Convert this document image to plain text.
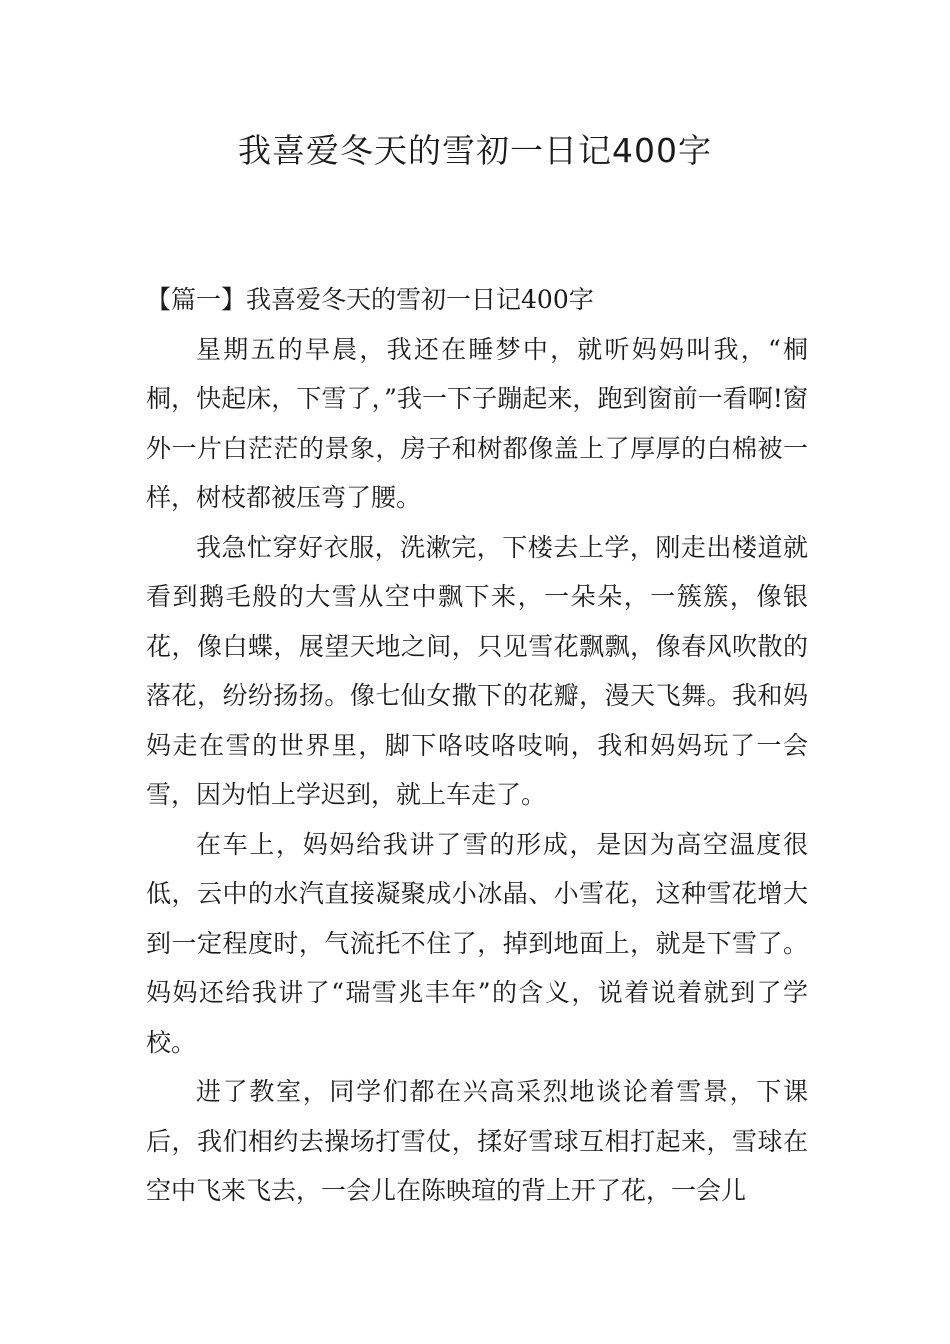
我喜爱冬天的雪初一日记400字

【篇一】我喜爱冬天的雪初一日记400字

星期五的早晨，我还在睡梦中，就听妈妈叫我，“桐桐，快起床，下雪了，”我一下子蹦起来，跑到窗前一看啊!窗外一片白茫茫的景象，房子和树都像盖上了厚厚的白棉被一样，树枝都被压弯了腰。

我急忙穿好衣服，洗漱完，下楼去上学，刚走出楼道就看到鹅毛般的大雪从空中飘下来，一朵朵，一簇簇，像银花，像白蝶，展望天地之间，只见雪花飘飘，像春风吹散的落花，纷纷扬扬。像七仙女撒下的花瓣，漫天飞舞。我和妈妈走在雪的世界里，脚下咯吱咯吱响，我和妈妈玩了一会雪，因为怕上学迟到，就上车走了。

在车上，妈妈给我讲了雪的形成，是因为高空温度很低，云中的水汽直接凝聚成小冰晶、小雪花，这种雪花增大到一定程度时，气流托不住了，掉到地面上，就是下雪了。妈妈还给我讲了“瑞雪兆丰年”的含义，说着说着就到了学校。

进了教室，同学们都在兴高采烈地谈论着雪景，下课后，我们相约去操场打雪仗，揉好雪球互相打起来，雪球在空中飞来飞去，一会儿在陈映瑄的背上开了花，一会儿
